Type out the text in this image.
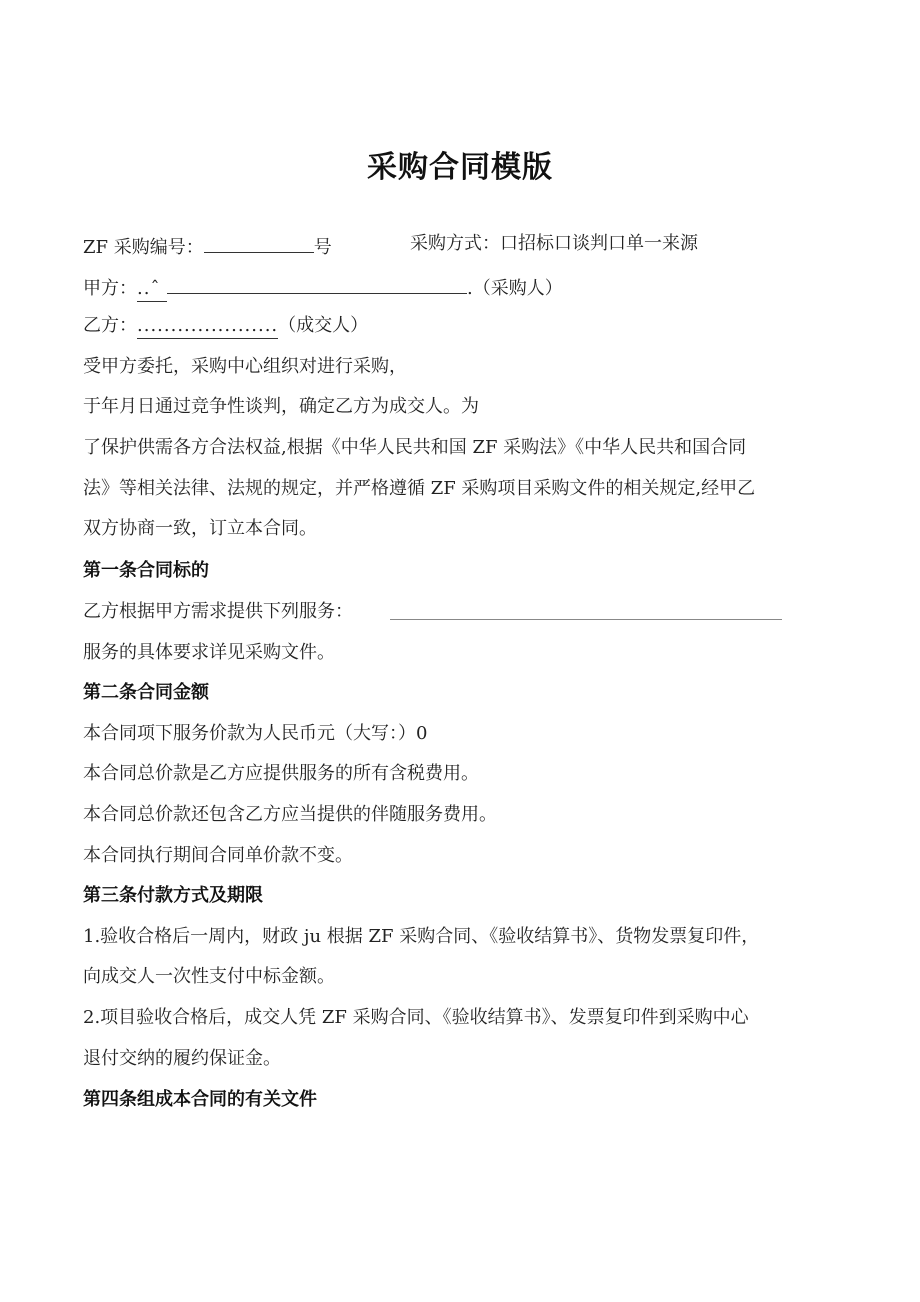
采购合同模版
ZF 采购编号：	号	采购方式：口招标口谈判口单一来源
甲方：..ˆ	.（采购人）
乙方：.....................（成交人）
受甲方委托，采购中心组织对进行采购，
于年月日通过竞争性谈判，确定乙方为成交人。为
了保护供需各方合法权益,根据《中华人民共和国 ZF 采购法》《中华人民共和国合同
法》等相关法律、法规的规定，并严格遵循 ZF 采购项目采购文件的相关规定,经甲乙
双方协商一致，订立本合同。
第一条合同标的
乙方根据甲方需求提供下列服务：
服务的具体要求详见采购文件。
第二条合同金额
本合同项下服务价款为人民币元（大写：）0
本合同总价款是乙方应提供服务的所有含税费用。
本合同总价款还包含乙方应当提供的伴随服务费用。
本合同执行期间合同单价款不变。
第三条付款方式及期限
1.验收合格后一周内，财政 ju 根据 ZF 采购合同、《验收结算书》、货物发票复印件，
向成交人一次性支付中标金额。
2.项目验收合格后，成交人凭 ZF 采购合同、《验收结算书》、发票复印件到采购中心
退付交纳的履约保证金。
第四条组成本合同的有关文件
